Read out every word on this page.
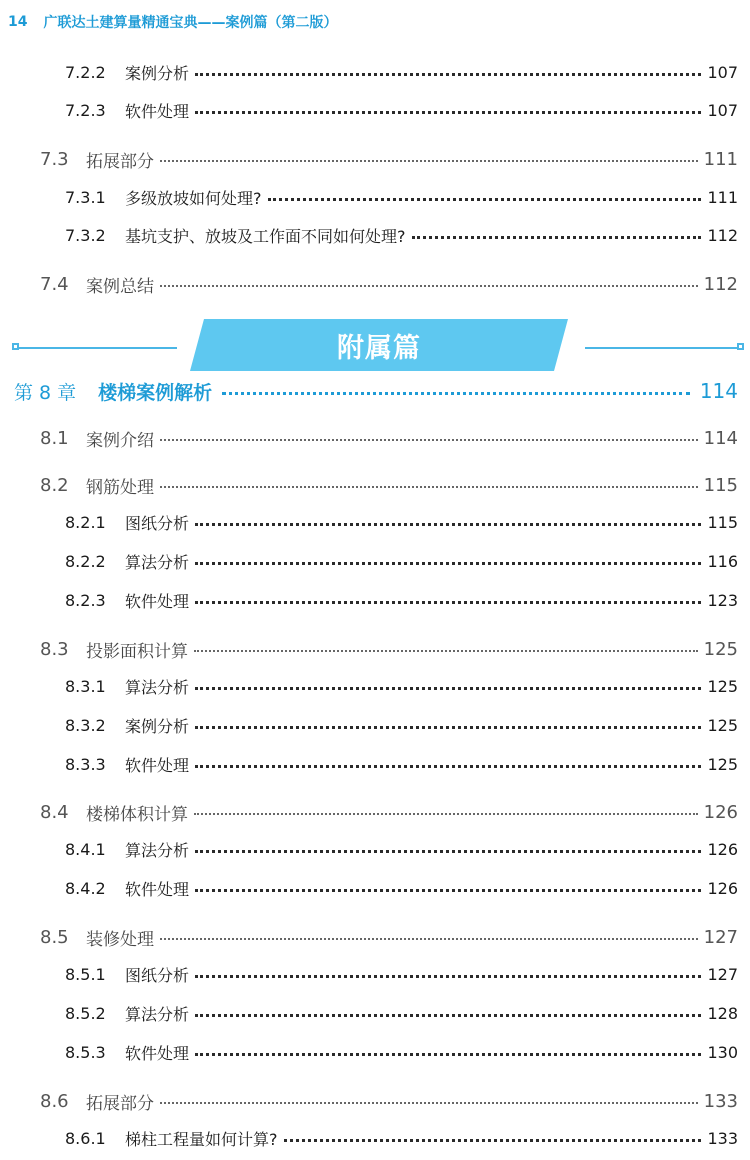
14 广联达土建算量精通宝典——案例篇（第二版）
7.2.2	案例分析	107
7.2.3	软件处理	107
7.3 拓展部分	111
7.3.1	多级放坡如何处理?	111
7.3.2	基坑支护、放坡及工作面不同如何处理?	112
7.4 案例总结	112
附属篇
第 8 章 楼梯案例解析	114
8.1 案例介绍	114
8.2 钢筋处理	115
8.2.1	图纸分析	115
8.2.2	算法分析	116
8.2.3	软件处理	123
8.3 投影面积计算	125
8.3.1	算法分析	125
8.3.2	案例分析	125
8.3.3	软件处理	125
8.4 楼梯体积计算	126
8.4.1	算法分析	126
8.4.2	软件处理	126
8.5 装修处理	127
8.5.1	图纸分析	127
8.5.2	算法分析	128
8.5.3	软件处理	130
8.6 拓展部分	133
8.6.1	梯柱工程量如何计算?	133
